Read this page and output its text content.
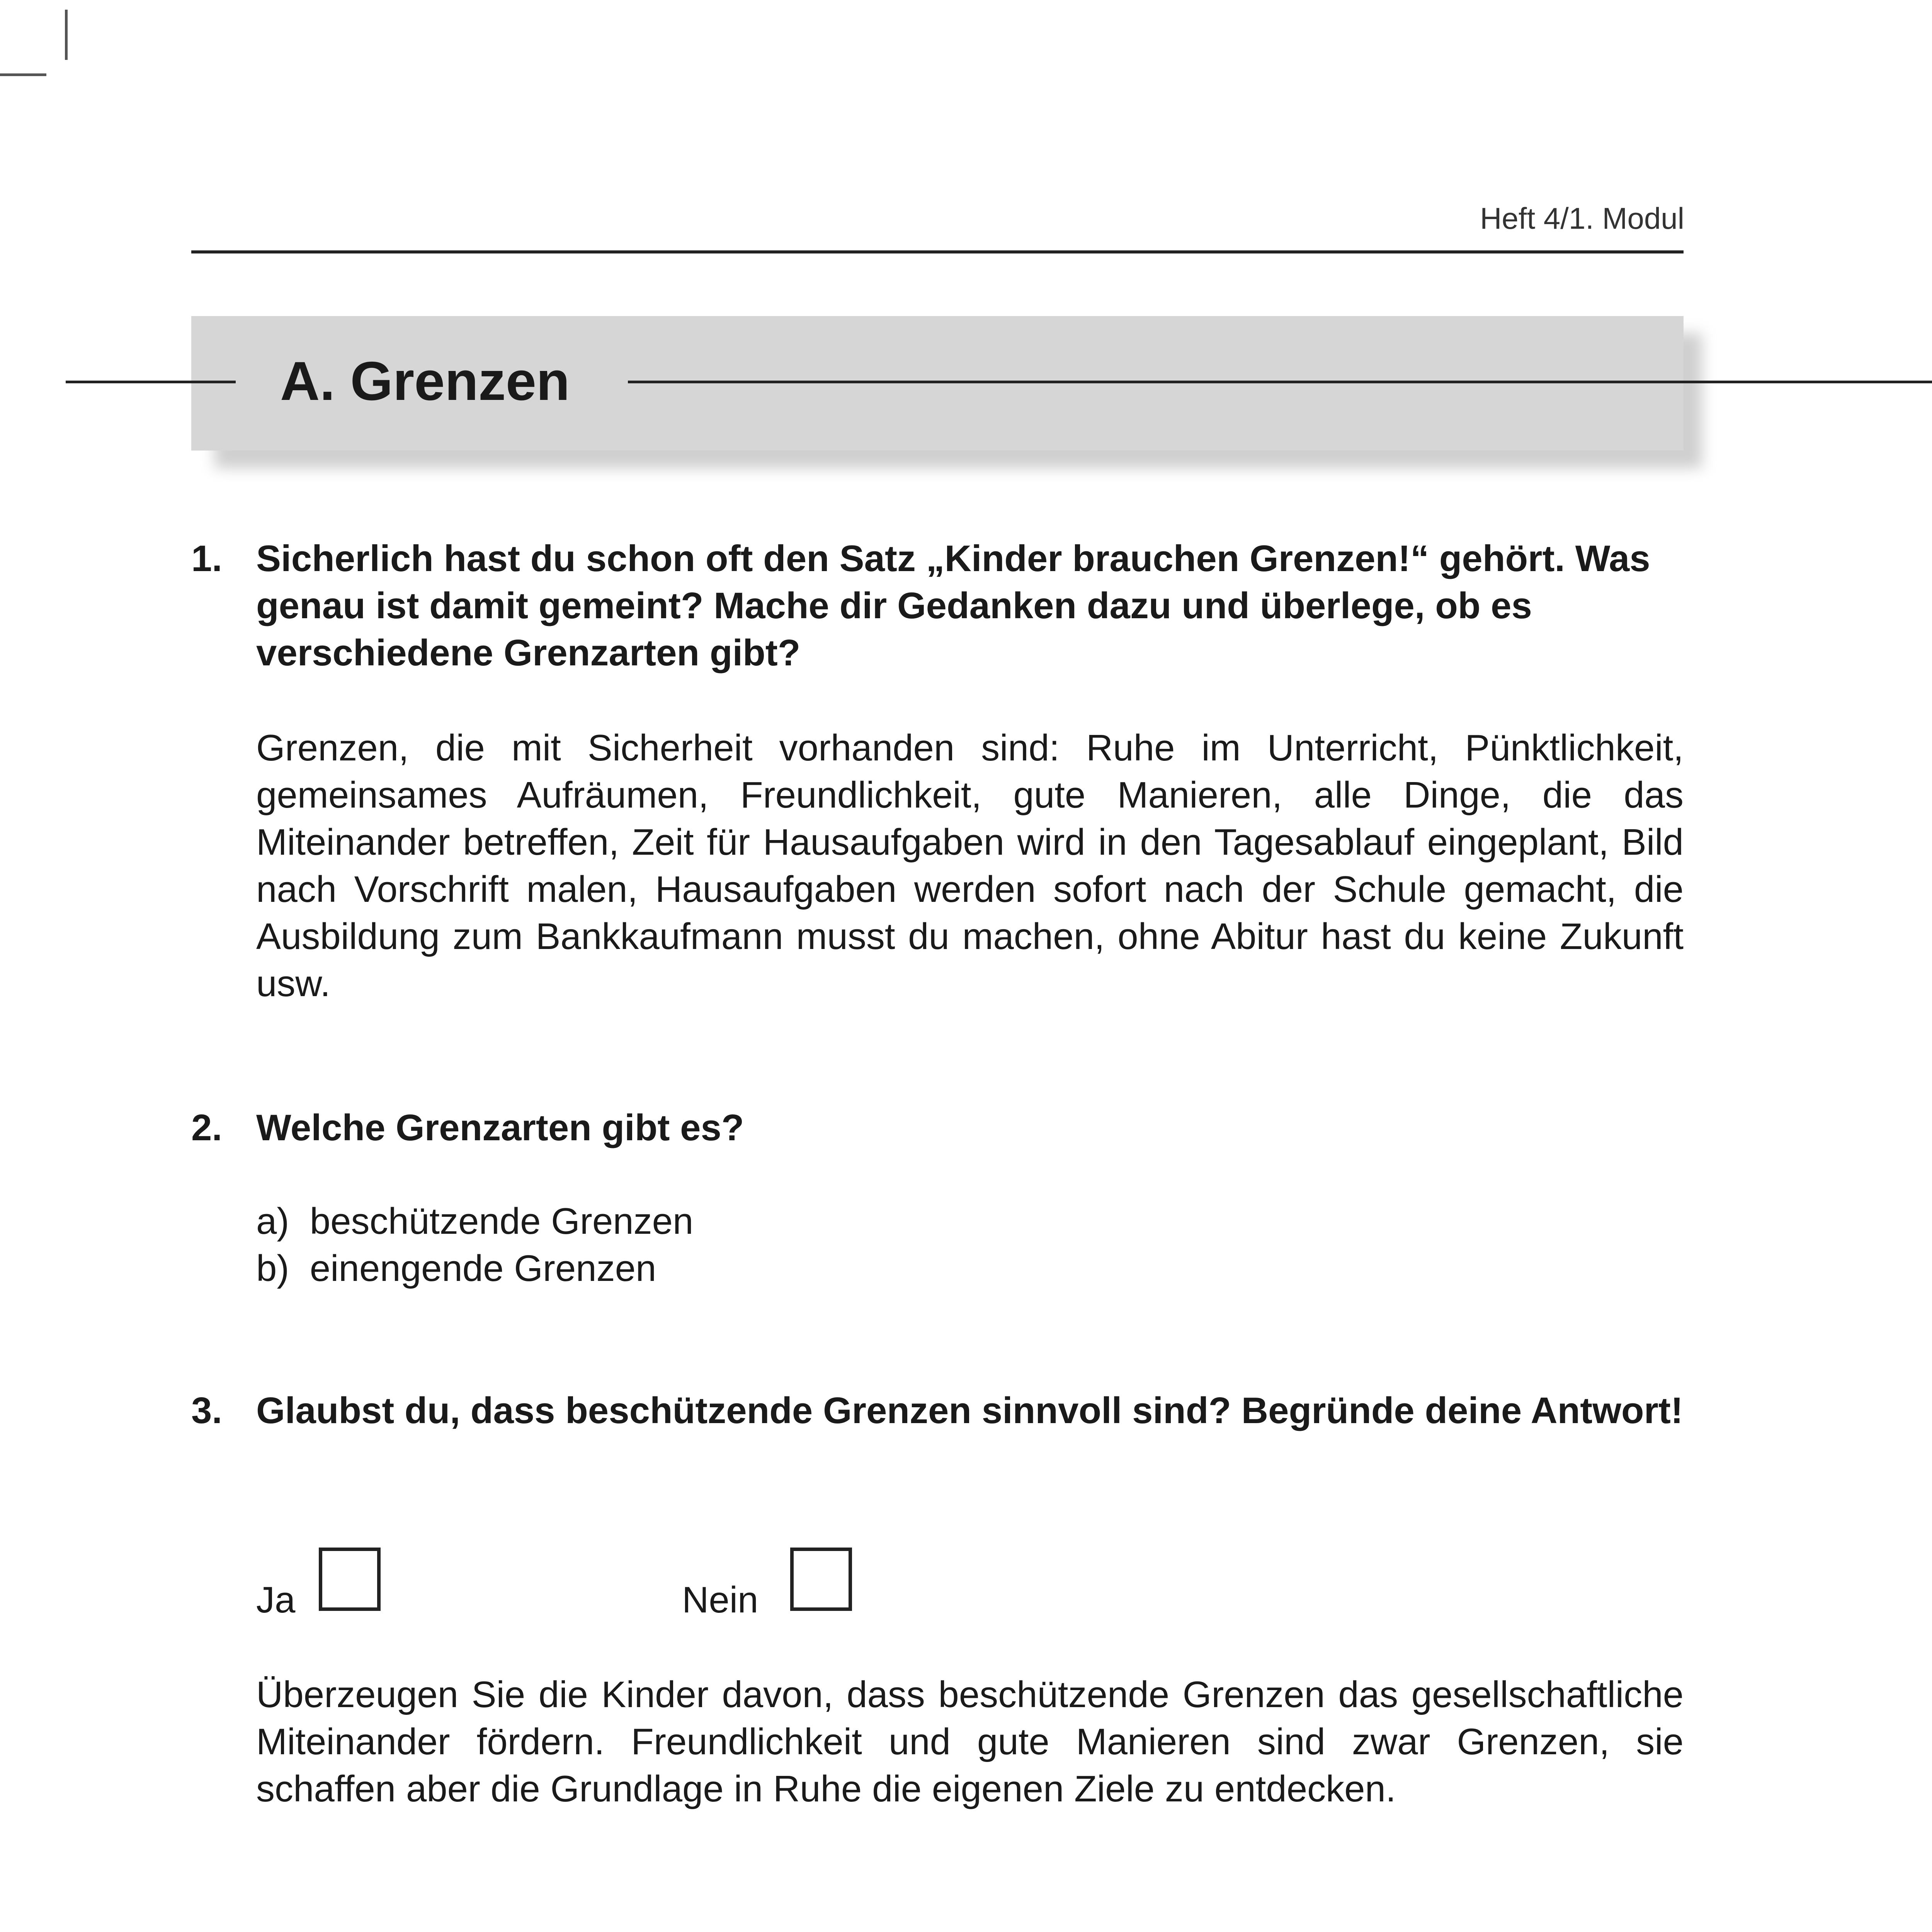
Heft 4/1. Modul
A. Grenzen
1. Sicherlich hast du schon oft den Satz „Kinder brauchen Grenzen!“ gehört. Was genau ist damit gemeint? Mache dir Gedanken dazu und überlege, ob es verschiedene Grenzarten gibt?
Grenzen, die mit Sicherheit vorhanden sind: Ruhe im Unterricht, Pünktlichkeit, gemeinsames Aufräumen, Freundlichkeit, gute Manieren, alle Dinge, die das Miteinander betreffen, Zeit für Hausaufgaben wird in den Tagesablauf eingeplant, Bild nach Vorschrift malen, Hausaufgaben werden sofort nach der Schule gemacht, die Ausbildung zum Bankkaufmann musst du machen, ohne Abitur hast du keine Zukunft usw.
2. Welche Grenzarten gibt es?
a)  beschützende Grenzen
b)  einengende Grenzen
3. Glaubst du, dass beschützende Grenzen sinnvoll sind? Begründe deine Antwort!
Ja	Nein
Überzeugen Sie die Kinder davon, dass beschützende Grenzen das gesellschaftliche Miteinander fördern. Freundlichkeit und gute Manieren sind zwar Grenzen, sie schaffen aber die Grundlage in Ruhe die eigenen Ziele zu entdecken.
